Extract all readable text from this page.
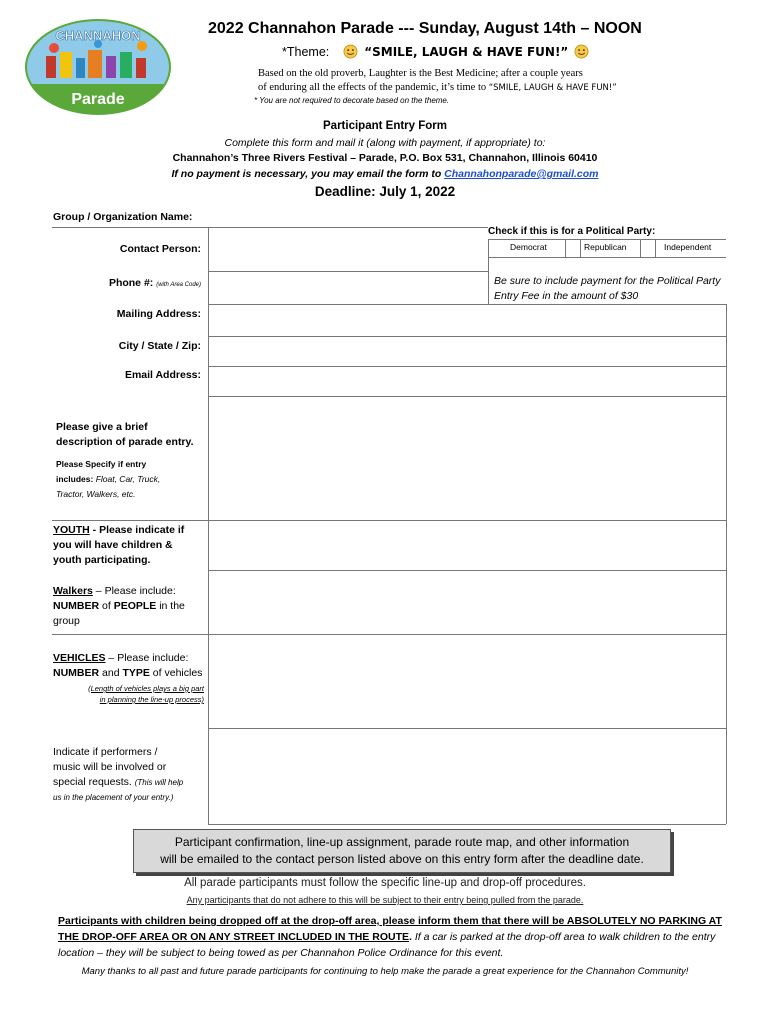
CHANNAHON
Parade
2022 Channahon Parade --- Sunday, August 14th – NOON
*Theme:	“SMILE, LAUGH & HAVE FUN!”
Based on the old proverb, Laughter is the Best Medicine; after a couple years
of enduring all the effects of the pandemic, it’s time to “SMILE, LAUGH & HAVE FUN!”
* You are not required to decorate based on the theme.
Participant Entry Form
Complete this form and mail it (along with payment, if appropriate) to:
Channahon’s Three Rivers Festival – Parade, P.O. Box 531, Channahon, Illinois 60410
If no payment is necessary, you may email the form to Channahonparade@gmail.com
Deadline: July 1, 2022
Group / Organization Name:
Contact Person:
Phone #: (with Area Code)
Mailing Address:
City / State / Zip:
Email Address:
Check if this is for a Political Party:
Democrat	Republican	Independent
Be sure to include payment for the Political Party Entry Fee in the amount of $30
Please give a brief
description of parade entry.
Please Specify if entry
includes: Float, Car, Truck,
Tractor, Walkers, etc.
YOUTH - Please indicate if
you will have children &
youth participating.
Walkers – Please include:
NUMBER of PEOPLE in the
group
VEHICLES – Please include:
NUMBER and TYPE of vehicles
(Length of vehicles plays a big part
in planning the line-up process)
Indicate if performers /
music will be involved or
special requests. (This will help
us in the placement of your entry.)
Participant confirmation, line-up assignment, parade route map, and other information
will be emailed to the contact person listed above on this entry form after the deadline date.
All parade participants must follow the specific line-up and drop-off procedures.
Any participants that do not adhere to this will be subject to their entry being pulled from the parade.
Participants with children being dropped off at the drop-off area, please inform them that there will be ABSOLUTELY NO PARKING AT THE DROP-OFF AREA OR ON ANY STREET INCLUDED IN THE ROUTE. If a car is parked at the drop-off area to walk children to the entry location – they will be subject to being towed as per Channahon Police Ordinance for this event.
Many thanks to all past and future parade participants for continuing to help make the parade a great experience for the Channahon Community!
